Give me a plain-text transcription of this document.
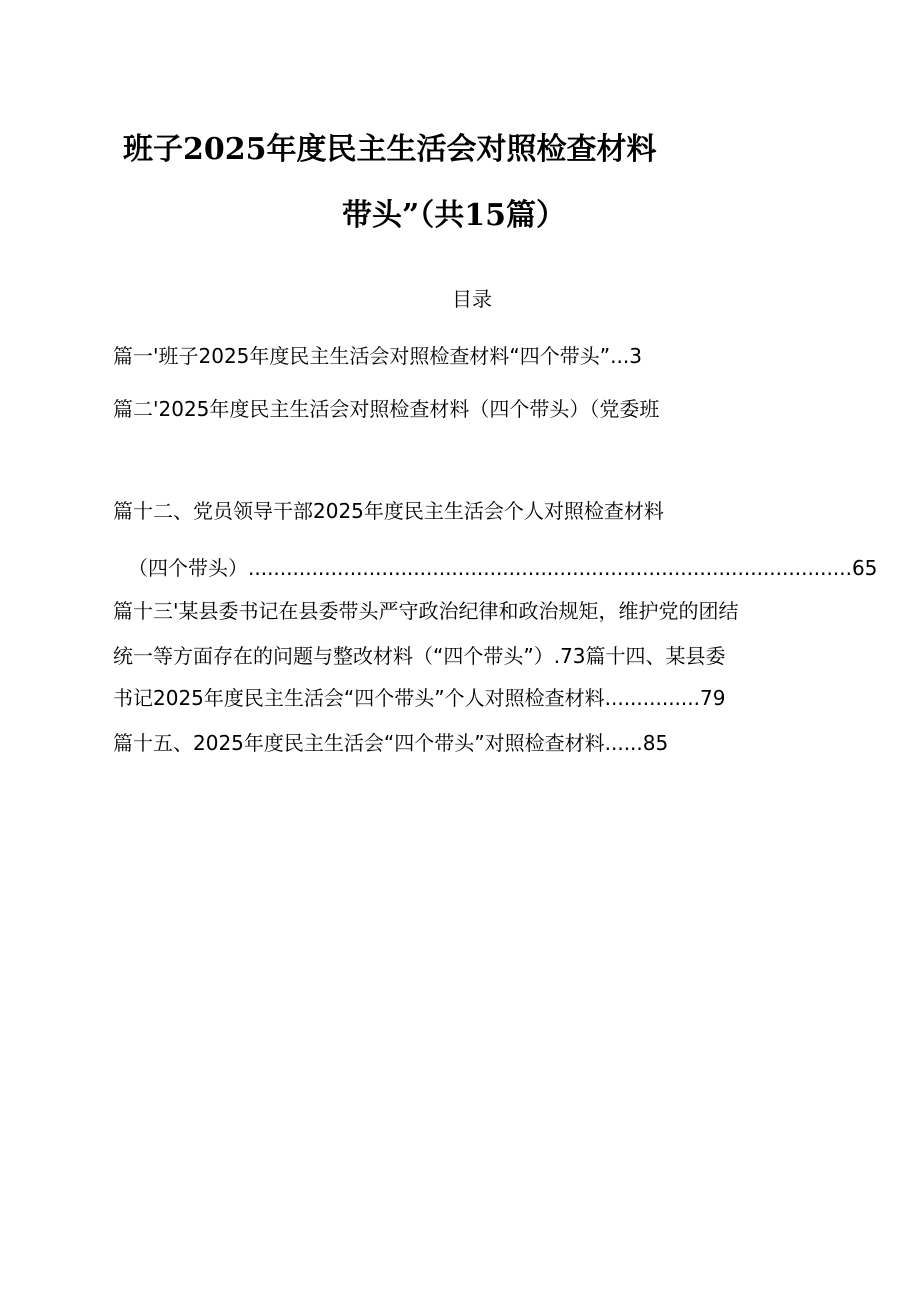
班子2025年度民主生活会对照检查材料
带头”（共15篇）
目录
篇一'班子2025年度民主生活会对照检查材料“四个带头”...3
篇二'2025年度民主生活会对照检查材料（四个带头）（党委班
篇十二、党员领导干部2025年度民主生活会个人对照检查材料
（四个带头）...............................................................................................65
篇十三'某县委书记在县委带头严守政治纪律和政治规矩，维护党的团结
统一等方面存在的问题与整改材料（“四个带头”）.73篇十四、某县委
书记2025年度民主生活会“四个带头”个人对照检查材料...............79
篇十五、2025年度民主生活会“四个带头”对照检查材料......85
